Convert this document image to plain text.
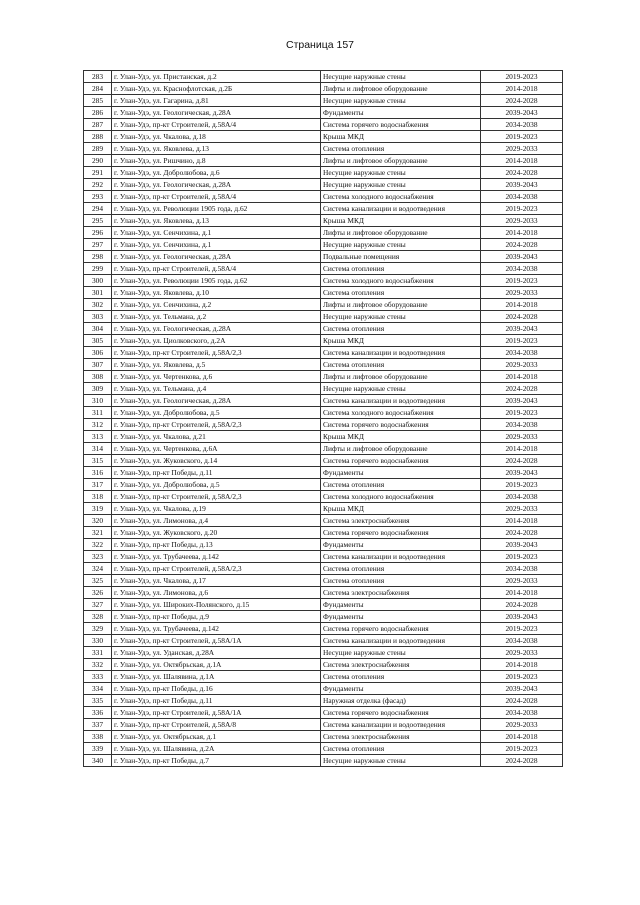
Страница 157
283	г. Улан-Удэ, ул. Пристанская, д.2	Несущие наружные стены	2019-2023
284	г. Улан-Удэ, ул. Краснофлотская, д.2Б	Лифты и лифтовое оборудование	2014-2018
285	г. Улан-Удэ, ул. Гагарина, д.81	Несущие наружные стены	2024-2028
286	г. Улан-Удэ, ул. Геологическая, д.28А	Фундаменты	2039-2043
287	г. Улан-Удэ, пр-кт Строителей, д.58А/4	Система горячего водоснабжения	2034-2038
288	г. Улан-Удэ, ул. Чкалова, д.18	Крыша МКД	2019-2023
289	г. Улан-Удэ, ул. Яковлева, д.13	Система отопления	2029-2033
290	г. Улан-Удэ, ул. Ришчино, д.8	Лифты и лифтовое оборудование	2014-2018
291	г. Улан-Удэ, ул. Добролюбова, д.6	Несущие наружные стены	2024-2028
292	г. Улан-Удэ, ул. Геологическая, д.28А	Несущие наружные стены	2039-2043
293	г. Улан-Удэ, пр-кт Строителей, д.58А/4	Система холодного водоснабжения	2034-2038
294	г. Улан-Удэ, ул. Революции 1905 года, д.62	Система канализации и водоотведения	2019-2023
295	г. Улан-Удэ, ул. Яковлева, д.13	Крыша МКД	2029-2033
296	г. Улан-Удэ, ул. Сенчихина, д.1	Лифты и лифтовое оборудование	2014-2018
297	г. Улан-Удэ, ул. Сенчихина, д.1	Несущие наружные стены	2024-2028
298	г. Улан-Удэ, ул. Геологическая, д.28А	Подвальные помещения	2039-2043
299	г. Улан-Удэ, пр-кт Строителей, д.58А/4	Система отопления	2034-2038
300	г. Улан-Удэ, ул. Революции 1905 года, д.62	Система холодного водоснабжения	2019-2023
301	г. Улан-Удэ, ул. Яковлева, д.10	Система отопления	2029-2033
302	г. Улан-Удэ, ул. Сенчихина, д.2	Лифты и лифтовое оборудование	2014-2018
303	г. Улан-Удэ, ул. Тельмана, д.2	Несущие наружные стены	2024-2028
304	г. Улан-Удэ, ул. Геологическая, д.28А	Система отопления	2039-2043
305	г. Улан-Удэ, ул. Циолковского, д.2А	Крыша МКД	2019-2023
306	г. Улан-Удэ, пр-кт Строителей, д.58А/2,3	Система канализации и водоотведения	2034-2038
307	г. Улан-Удэ, ул. Яковлева, д.5	Система отопления	2029-2033
308	г. Улан-Удэ, ул. Чертенкова, д.6	Лифты и лифтовое оборудование	2014-2018
309	г. Улан-Удэ, ул. Тельмана, д.4	Несущие наружные стены	2024-2028
310	г. Улан-Удэ, ул. Геологическая, д.28А	Система канализации и водоотведения	2039-2043
311	г. Улан-Удэ, ул. Добролюбова, д.5	Система холодного водоснабжения	2019-2023
312	г. Улан-Удэ, пр-кт Строителей, д.58А/2,3	Система горячего водоснабжения	2034-2038
313	г. Улан-Удэ, ул. Чкалова, д.21	Крыша МКД	2029-2033
314	г. Улан-Удэ, ул. Чертенкова, д.6А	Лифты и лифтовое оборудование	2014-2018
315	г. Улан-Удэ, ул. Жуковского, д.14	Система горячего водоснабжения	2024-2028
316	г. Улан-Удэ, пр-кт Победы, д.11	Фундаменты	2039-2043
317	г. Улан-Удэ, ул. Добролюбова, д.5	Система отопления	2019-2023
318	г. Улан-Удэ, пр-кт Строителей, д.58А/2,3	Система холодного водоснабжения	2034-2038
319	г. Улан-Удэ, ул. Чкалова, д.19	Крыша МКД	2029-2033
320	г. Улан-Удэ, ул. Лимонова, д.4	Система электроснабжения	2014-2018
321	г. Улан-Удэ, ул. Жуковского, д.20	Система горячего водоснабжения	2024-2028
322	г. Улан-Удэ, пр-кт Победы, д.13	Фундаменты	2039-2043
323	г. Улан-Удэ, ул. Трубачеева, д.142	Система канализации и водоотведения	2019-2023
324	г. Улан-Удэ, пр-кт Строителей, д.58А/2,3	Система отопления	2034-2038
325	г. Улан-Удэ, ул. Чкалова, д.17	Система отопления	2029-2033
326	г. Улан-Удэ, ул. Лимонова, д.6	Система электроснабжения	2014-2018
327	г. Улан-Удэ, ул. Широких-Полянского, д.15	Фундаменты	2024-2028
328	г. Улан-Удэ, пр-кт Победы, д.9	Фундаменты	2039-2043
329	г. Улан-Удэ, ул. Трубачеева, д.142	Система горячего водоснабжения	2019-2023
330	г. Улан-Удэ, пр-кт Строителей, д.58А/1А	Система канализации и водоотведения	2034-2038
331	г. Улан-Удэ, ул. Уданская, д.28А	Несущие наружные стены	2029-2033
332	г. Улан-Удэ, ул. Октябрьская, д.1А	Система электроснабжения	2014-2018
333	г. Улан-Удэ, ул. Шалявина, д.1А	Система отопления	2019-2023
334	г. Улан-Удэ, пр-кт Победы, д.16	Фундаменты	2039-2043
335	г. Улан-Удэ, пр-кт Победы, д.11	Наружная отделка (фасад)	2024-2028
336	г. Улан-Удэ, пр-кт Строителей, д.58А/1А	Система горячего водоснабжения	2034-2038
337	г. Улан-Удэ, пр-кт Строителей, д.58А/8	Система канализации и водоотведения	2029-2033
338	г. Улан-Удэ, ул. Октябрьская, д.1	Система электроснабжения	2014-2018
339	г. Улан-Удэ, ул. Шалявина, д.2А	Система отопления	2019-2023
340	г. Улан-Удэ, пр-кт Победы, д.7	Несущие наружные стены	2024-2028
